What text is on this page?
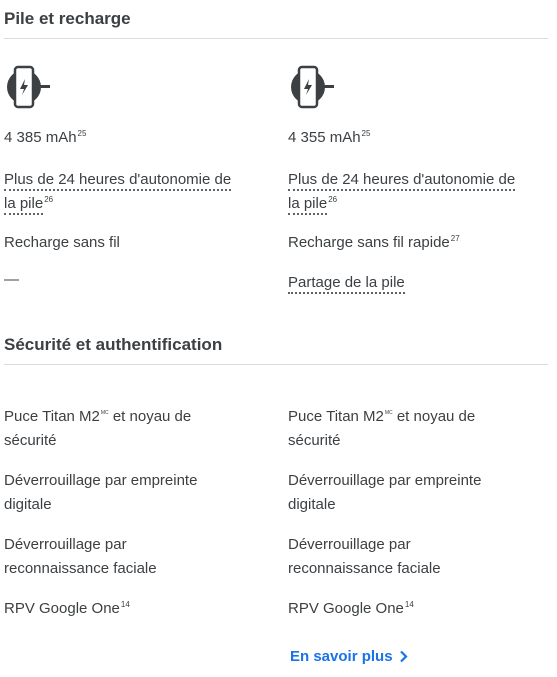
Pile et recharge
4 385 mAh$^{25}$
Plus de 24 heures d'autonomie de
la pile$^{26}$
Recharge sans fil
—
4 355 mAh$^{25}$
Plus de 24 heures d'autonomie de
la pile$^{26}$
Recharge sans fil rapide$^{27}$
Partage de la pile
Sécurité et authentification
Puce Titan $M2^{MC}$ et noyau de
sécurité
Déverrouillage par empreinte
digitale
Déverrouillage par
reconnaissance faciale
RPV Google One$^{14}$
Puce Titan $M2^{MC}$ et noyau de
sécurité
Déverrouillage par empreinte
digitale
Déverrouillage par
reconnaissance faciale
RPV Google One$^{14}$
En savoir plus
